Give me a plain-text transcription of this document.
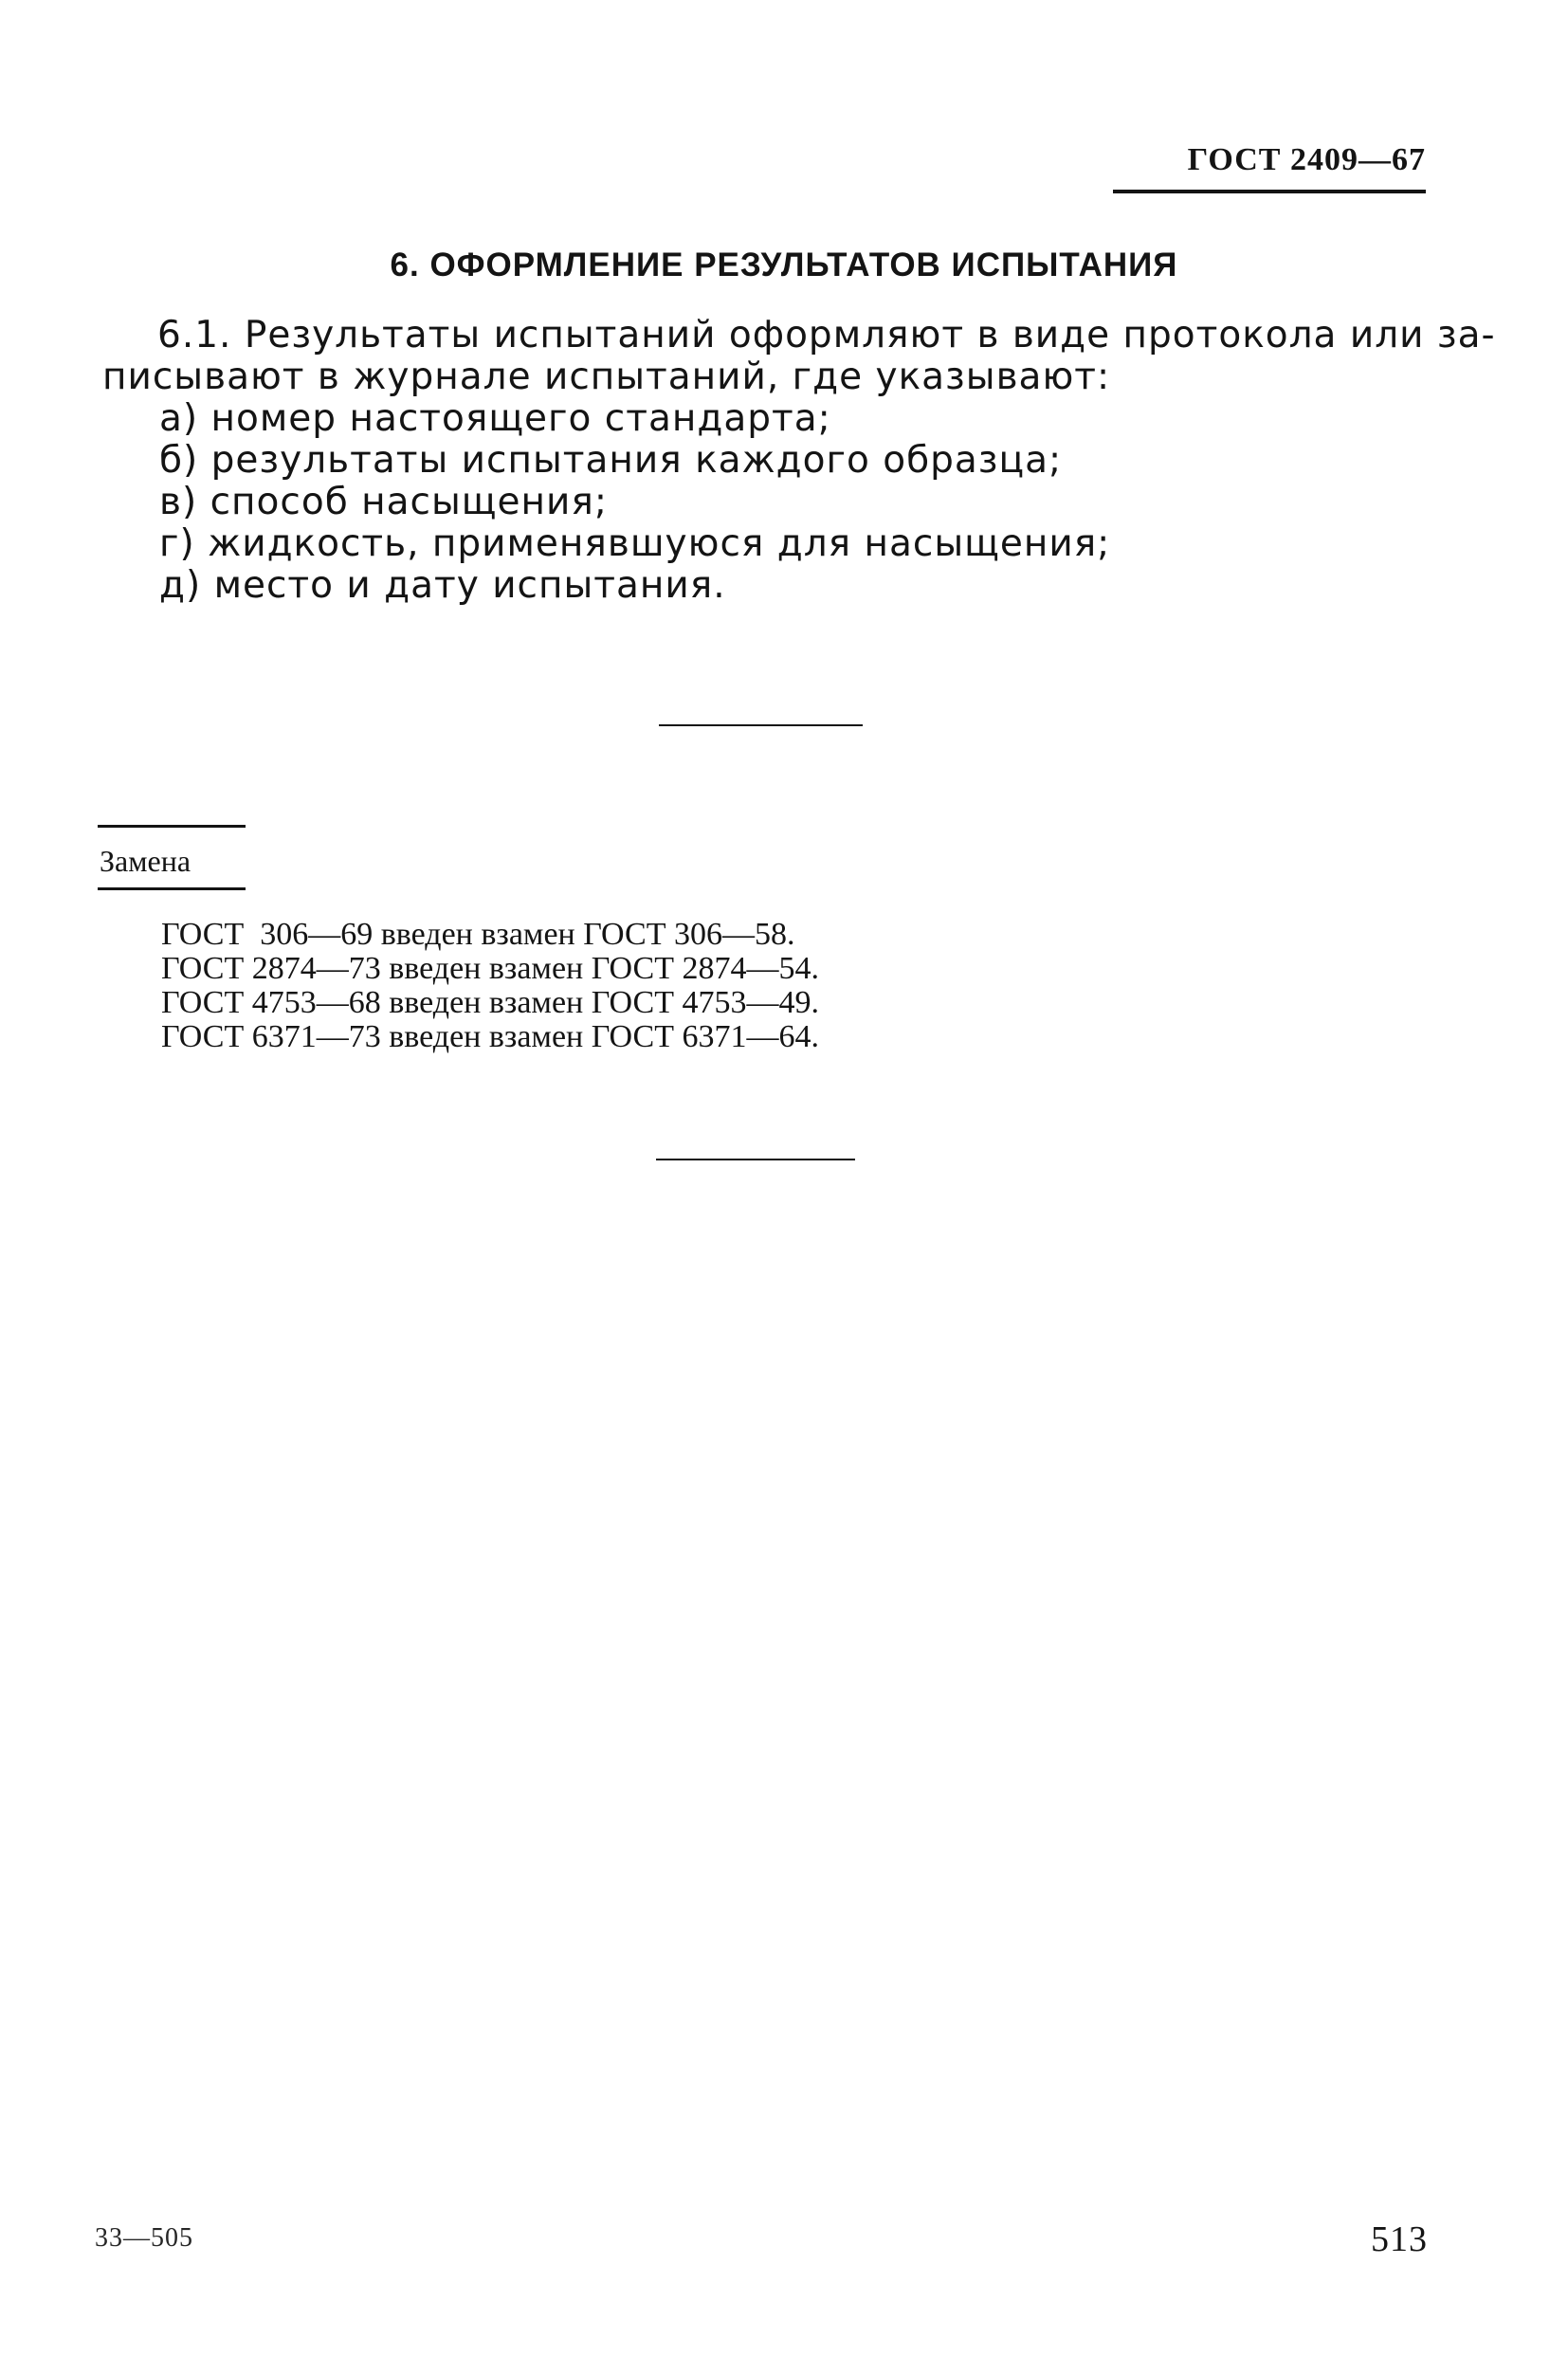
ГОСТ 2409—67
6. ОФОРМЛЕНИЕ РЕЗУЛЬТАТОВ ИСПЫТАНИЯ
6.1. Результаты испытаний оформляют в виде протокола или за-
писывают в журнале испытаний, где указывают:
а) номер настоящего стандарта;
б) результаты испытания каждого образца;
в) способ насыщения;
г) жидкость, применявшуюся для насыщения;
д) место и дату испытания.
Замена
ГОСТ  306—69 введен взамен ГОСТ 306—58.
ГОСТ 2874—73 введен взамен ГОСТ 2874—54.
ГОСТ 4753—68 введен взамен ГОСТ 4753—49.
ГОСТ 6371—73 введен взамен ГОСТ 6371—64.
33—505	513
